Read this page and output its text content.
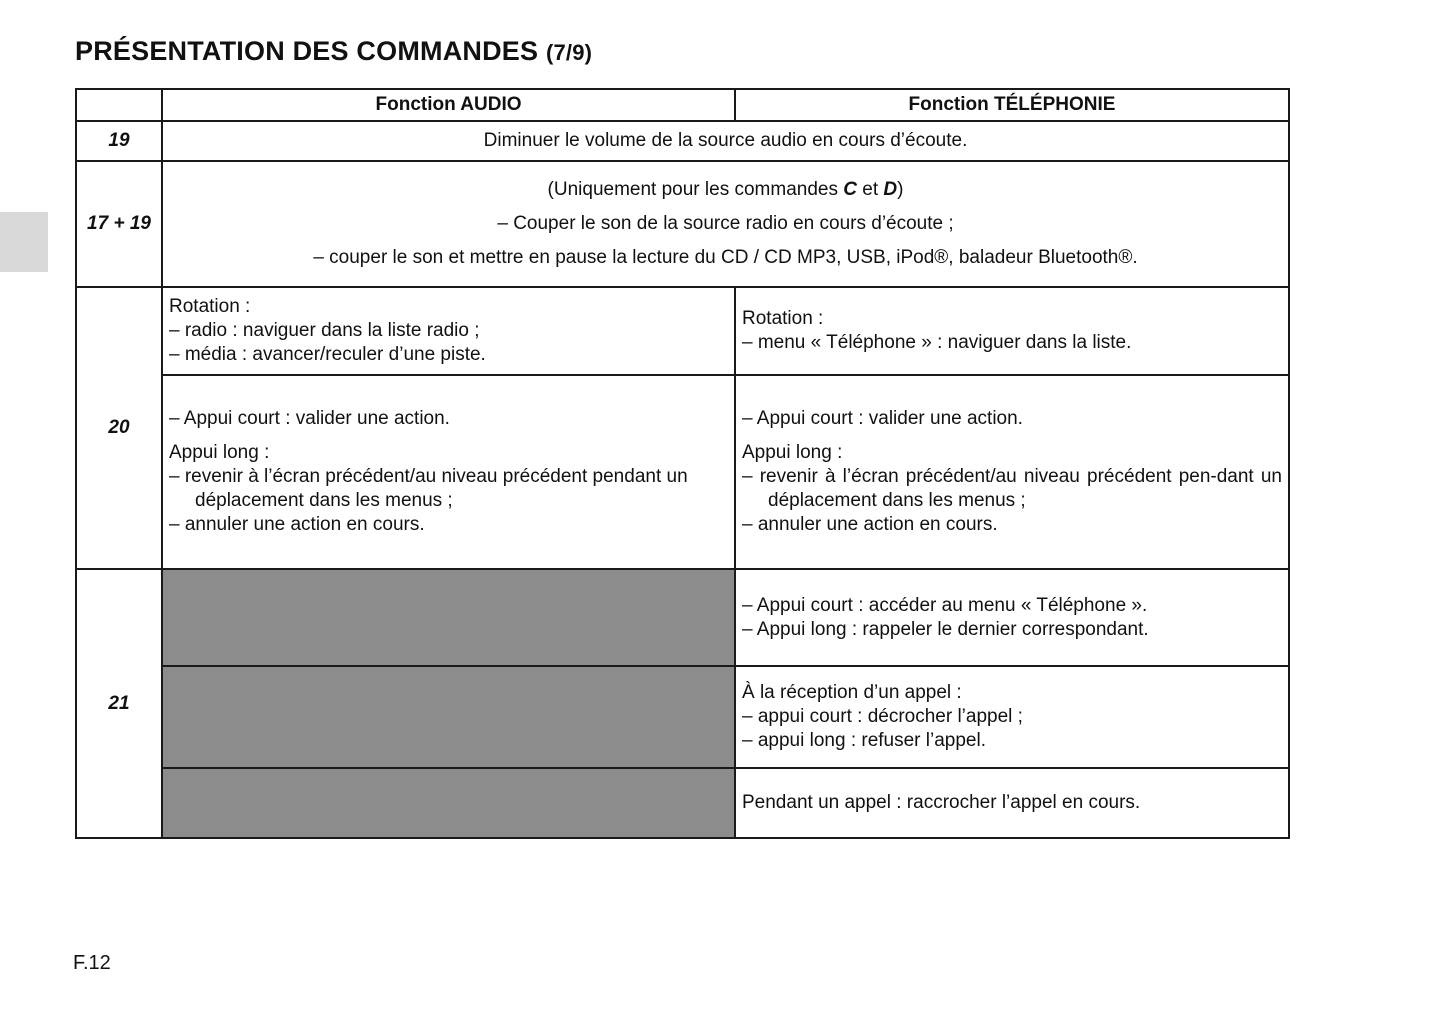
PRÉSENTATION DES COMMANDES (7/9)
	Fonction AUDIO	Fonction TÉLÉPHONIE
19	Diminuer le volume de la source audio en cours d’écoute.	
17 + 19	(Uniquement pour les commandes C et D)
– Couper le son de la source radio en cours d’écoute ;
– couper le son et mettre en pause la lecture du CD / CD MP3, USB, iPod®, baladeur Bluetooth®.	

20	Rotation :
– radio : naviguer dans la liste radio ;
– média : avancer/reculer d’une piste.	Rotation :
– menu « Téléphone » : naviguer dans la liste.

	– Appui court : valider une action.
Appui long :
– revenir à l’écran précédent/au niveau précédent pendant un déplacement dans les menus ;
– annuler une action en cours.	– Appui court : valider une action.
Appui long :
– revenir à l’écran précédent/au niveau précédent pen-dant un déplacement dans les menus ;
– annuler une action en cours.

21		– Appui court : accéder au menu « Téléphone ».
– Appui long : rappeler le dernier correspondant.

		À la réception d’un appel :
– appui court : décrocher l’appel ;
– appui long : refuser l’appel.

		Pendant un appel : raccrocher l’appel en cours.
F.12
